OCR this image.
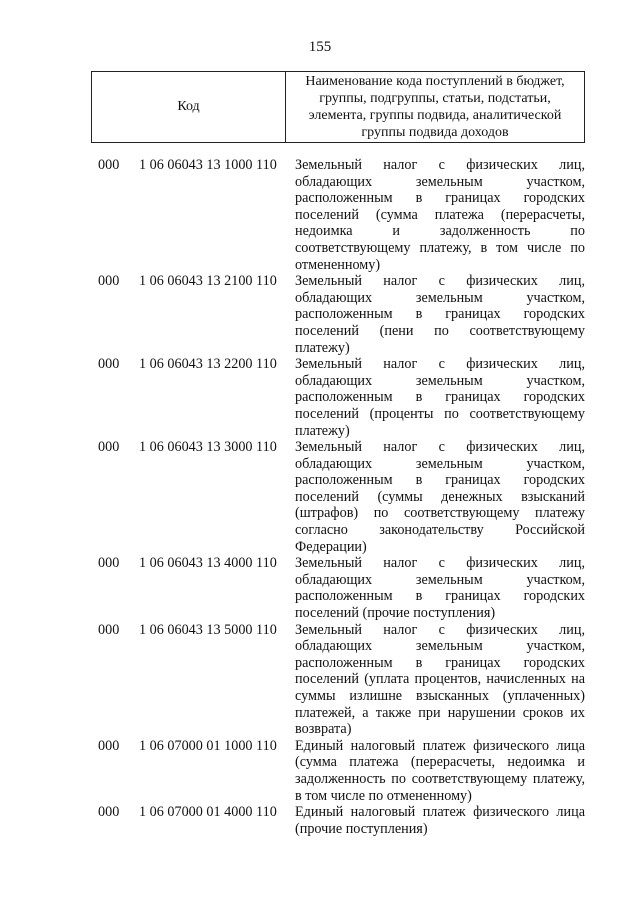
155
Код
Наименование кода поступлений в бюджет, группы, подгруппы, статьи, подстатьи, элемента, группы подвида, аналитической группы подвида доходов
000	1 06 06043 13 1000 110	Земельный налог с физических лиц, обладающих земельным участком, расположенным в границах городских поселений (сумма платежа (перерасчеты, недоимка и задолженность по соответствующему платежу, в том числе по отмененному)
000	1 06 06043 13 2100 110	Земельный налог с физических лиц, обладающих земельным участком, расположенным в границах городских поселений (пени по соответствующему платежу)
000	1 06 06043 13 2200 110	Земельный налог с физических лиц, обладающих земельным участком, расположенным в границах городских поселений (проценты по соответствующему платежу)
000	1 06 06043 13 3000 110	Земельный налог с физических лиц, обладающих земельным участком, расположенным в границах городских поселений (суммы денежных взысканий (штрафов) по соответствующему платежу согласно законодательству Российской Федерации)
000	1 06 06043 13 4000 110	Земельный налог с физических лиц, обладающих земельным участком, расположенным в границах городских поселений (прочие поступления)
000	1 06 06043 13 5000 110	Земельный налог с физических лиц, обладающих земельным участком, расположенным в границах городских поселений (уплата процентов, начисленных на суммы излишне взысканных (уплаченных) платежей, а также при нарушении сроков их возврата)
000	1 06 07000 01 1000 110	Единый налоговый платеж физического лица (сумма платежа (перерасчеты, недоимка и задолженность по соответствующему платежу, в том числе по отмененному)
000	1 06 07000 01 4000 110	Единый налоговый платеж физического лица (прочие поступления)
